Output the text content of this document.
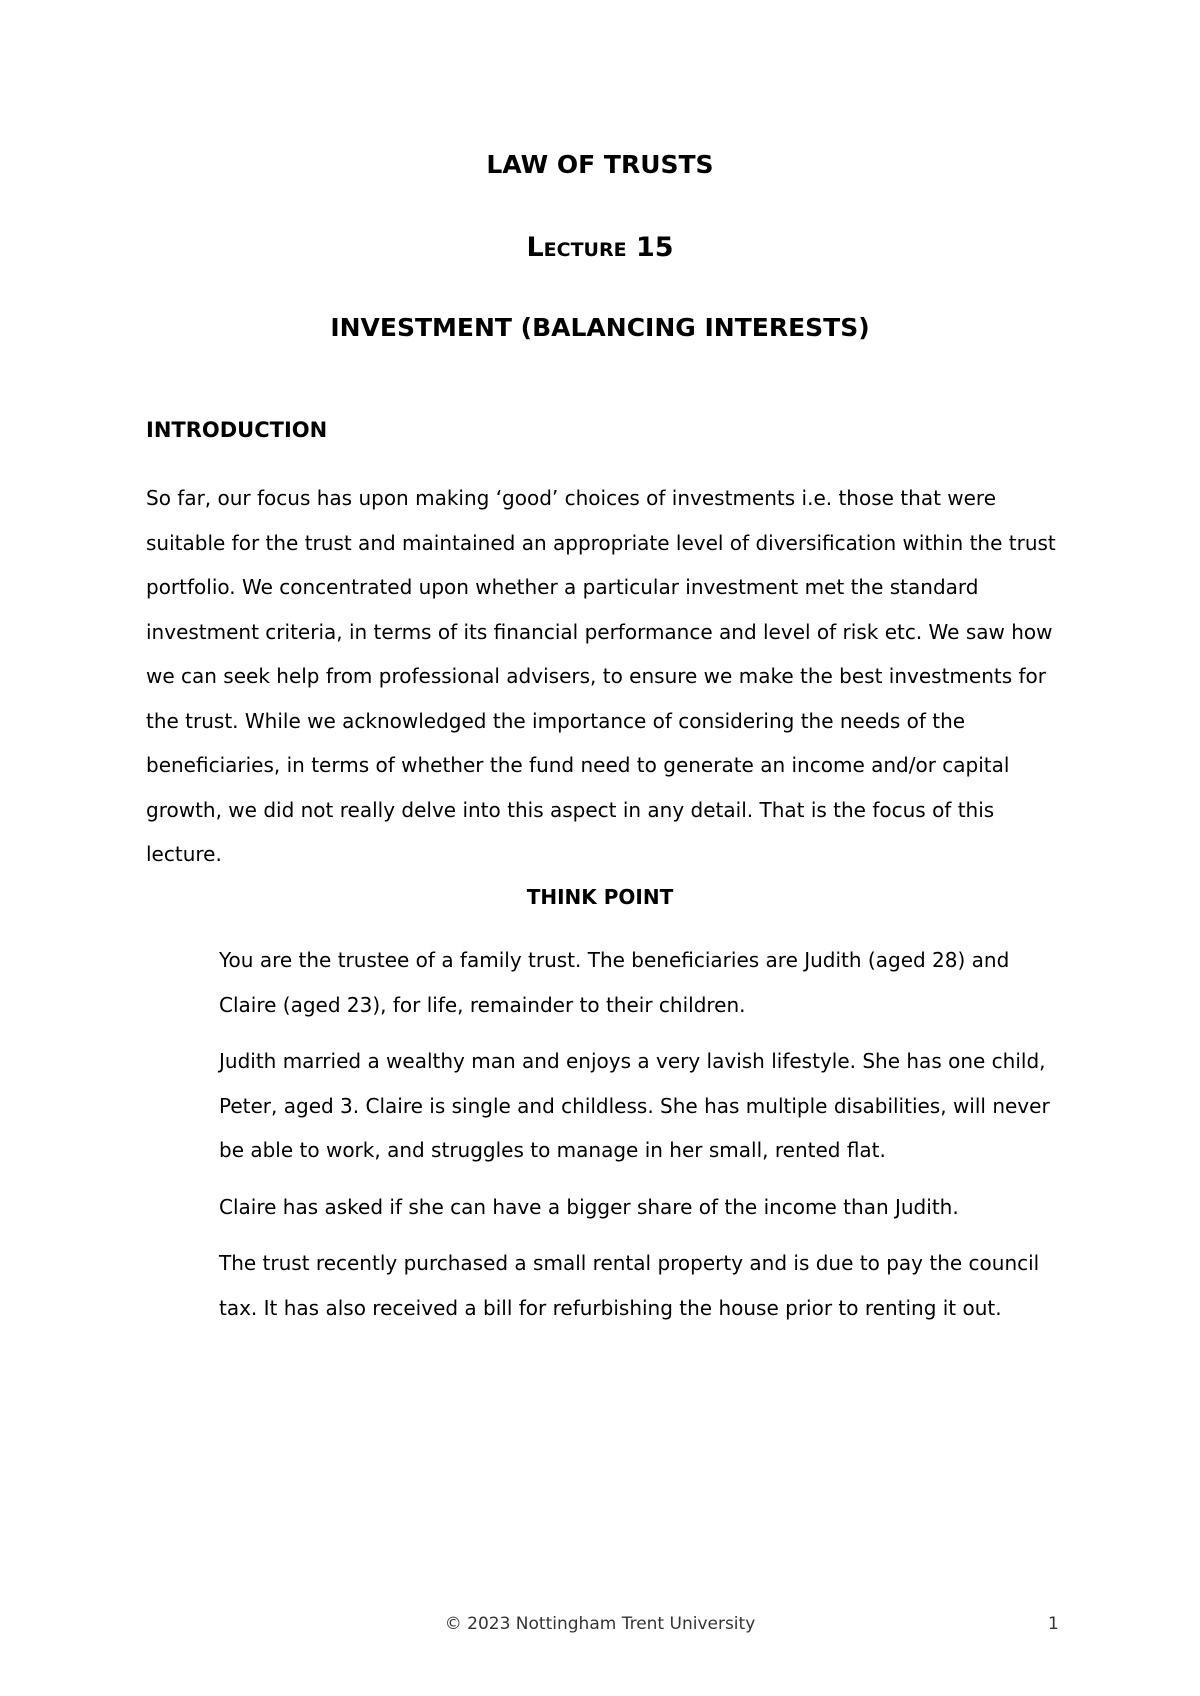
LAW OF TRUSTS
Lecture 15
INVESTMENT (BALANCING INTERESTS)
INTRODUCTION

So far, our focus has upon making ‘good’ choices of investments i.e. those that were suitable for the trust and maintained an appropriate level of diversification within the trust portfolio. We concentrated upon whether a particular investment met the standard investment criteria, in terms of its financial performance and level of risk etc. We saw how we can seek help from professional advisers, to ensure we make the best investments for the trust. While we acknowledged the importance of considering the needs of the beneficiaries, in terms of whether the fund need to generate an income and/or capital growth, we did not really delve into this aspect in any detail. That is the focus of this lecture.

THINK POINT

You are the trustee of a family trust. The beneficiaries are Judith (aged 28) and Claire (aged 23), for life, remainder to their children.

Judith married a wealthy man and enjoys a very lavish lifestyle. She has one child, Peter, aged 3. Claire is single and childless. She has multiple disabilities, will never be able to work, and struggles to manage in her small, rented flat.

Claire has asked if she can have a bigger share of the income than Judith.

The trust recently purchased a small rental property and is due to pay the council tax. It has also received a bill for refurbishing the house prior to renting it out.

© 2023 Nottingham Trent University	1
